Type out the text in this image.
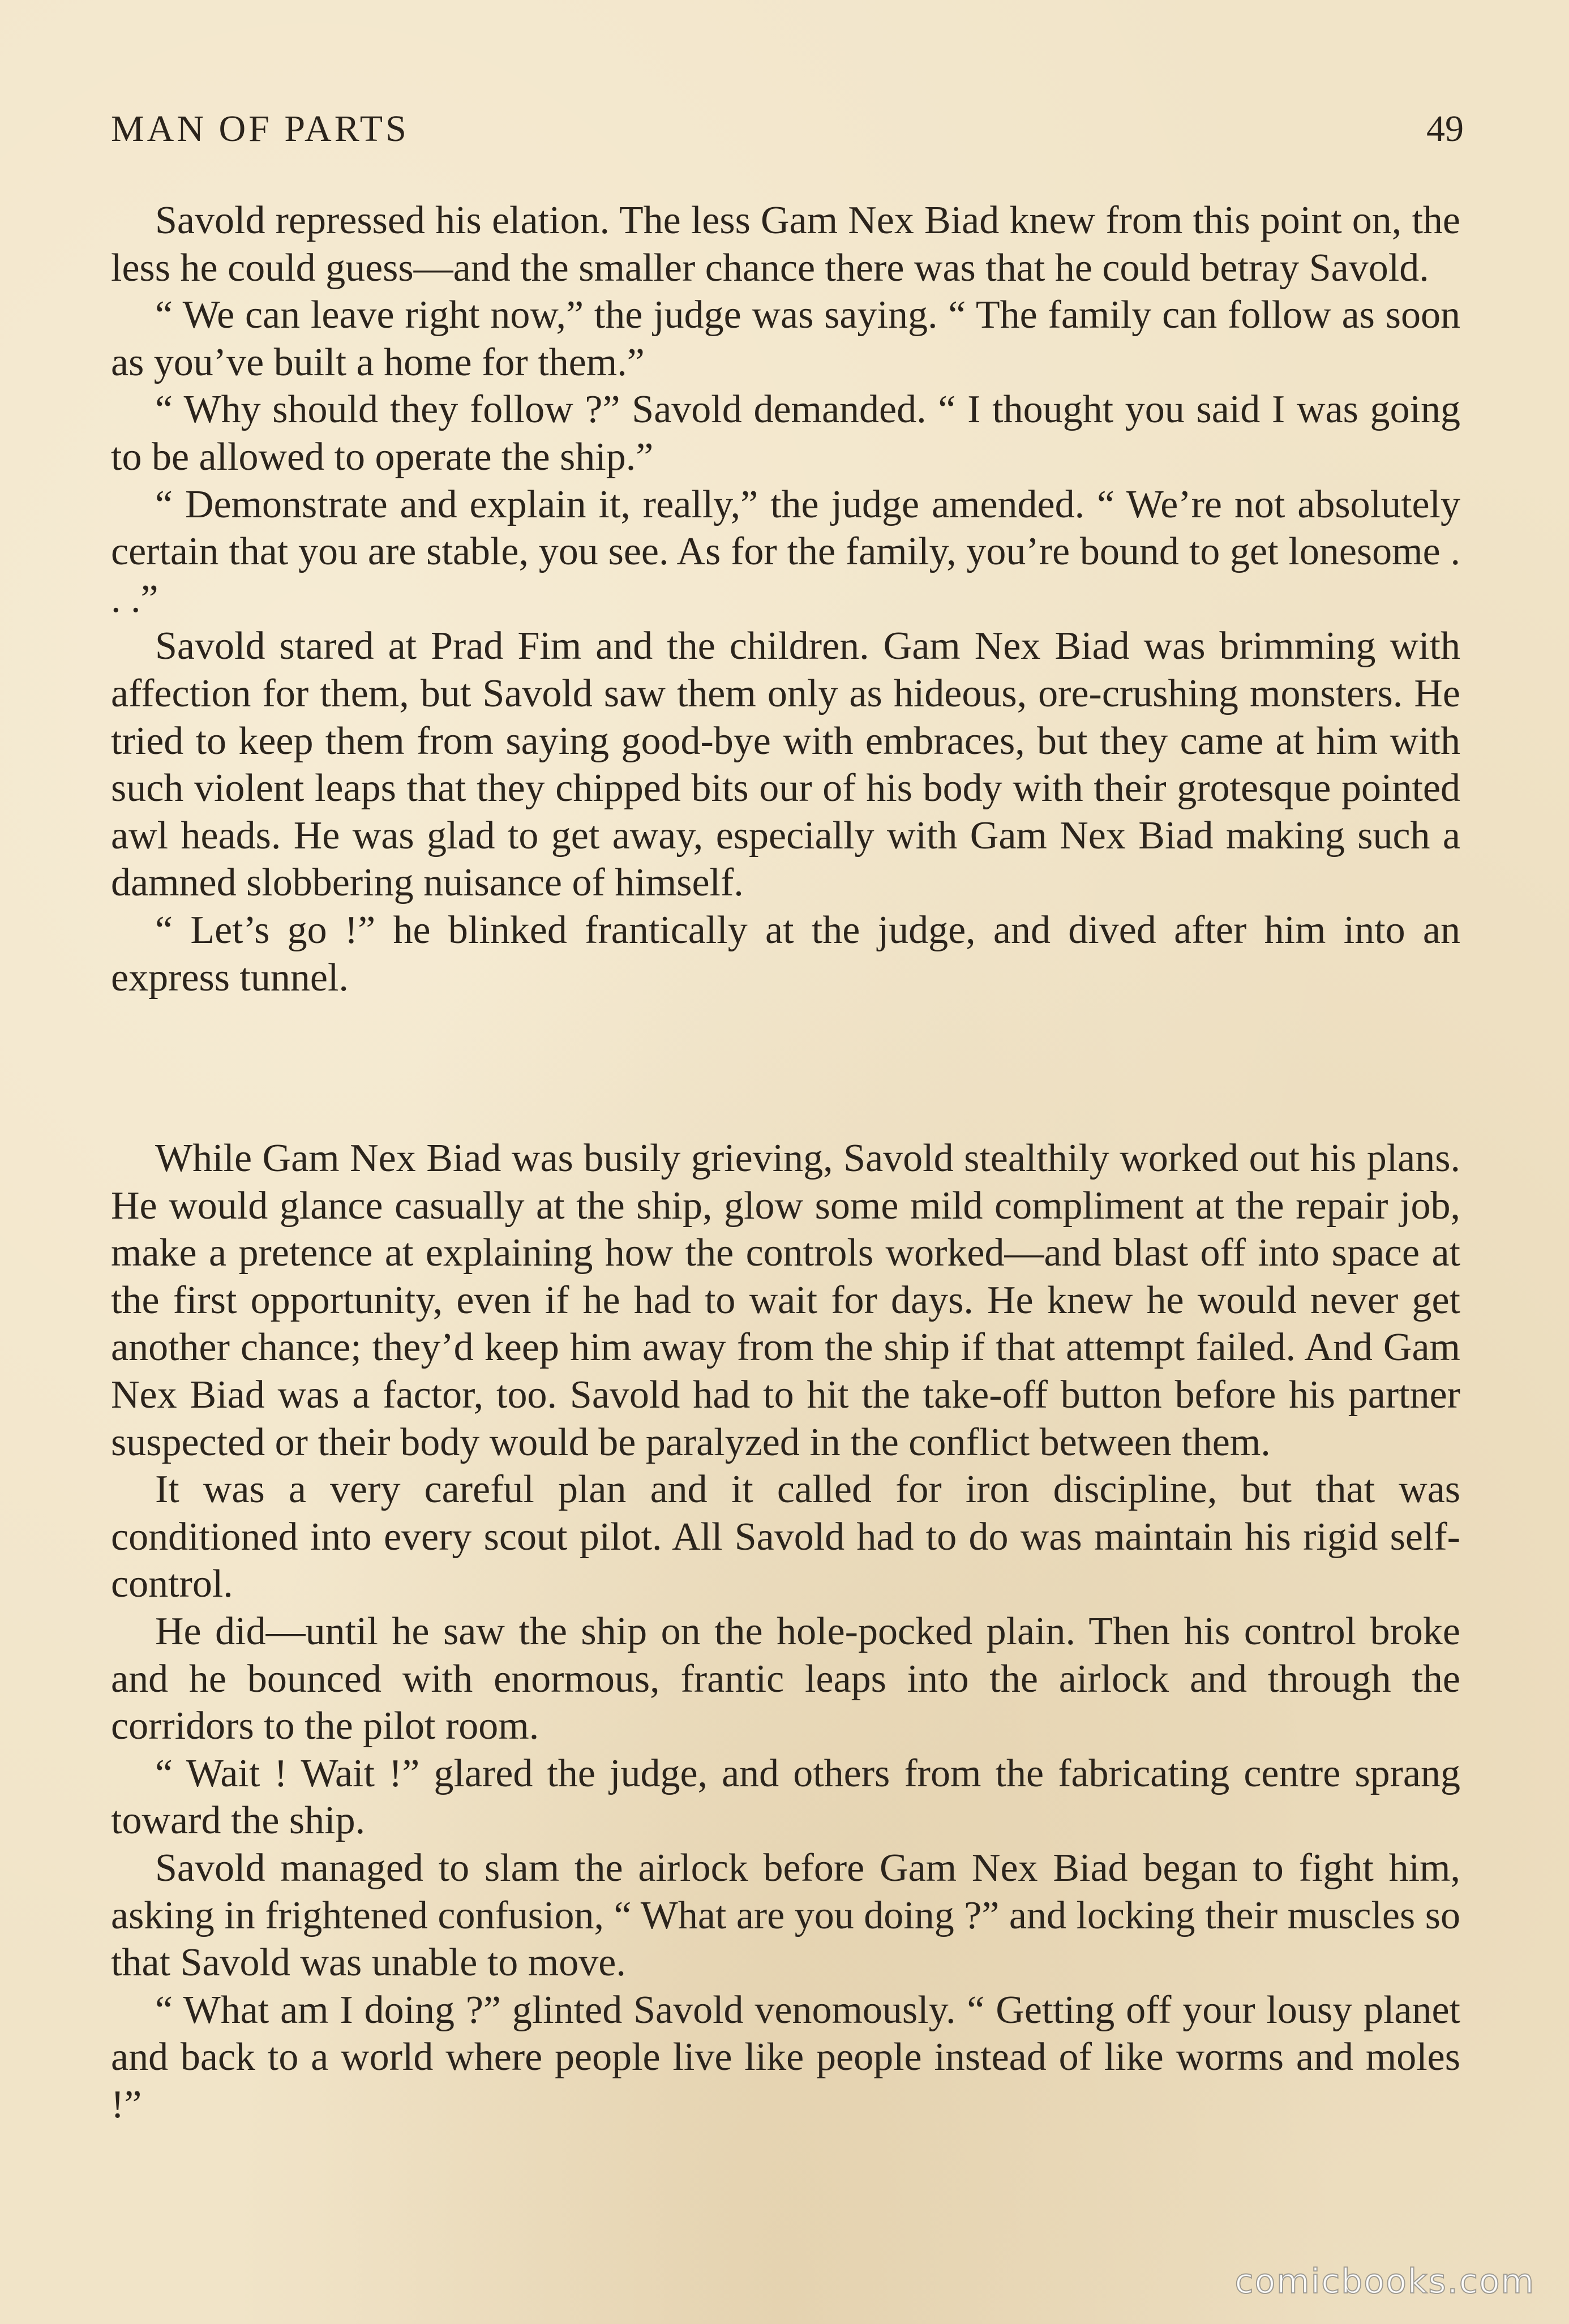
MAN OF PARTS	49

Savold repressed his elation. The less Gam Nex Biad knew from this point on, the less he could guess—and the smaller chance there was that he could betray Savold.

“ We can leave right now,” the judge was saying. “ The family can follow as soon as you’ve built a home for them.”

“ Why should they follow ?” Savold demanded. “ I thought you said I was going to be allowed to operate the ship.”

“ Demonstrate and explain it, really,” the judge amended. “ We’re not absolutely certain that you are stable, you see. As for the family, you’re bound to get lonesome . . .”

Savold stared at Prad Fim and the children. Gam Nex Biad was brimming with affection for them, but Savold saw them only as hideous, ore-crushing monsters. He tried to keep them from saying good-bye with embraces, but they came at him with such violent leaps that they chipped bits our of his body with their grotesque pointed awl heads. He was glad to get away, especially with Gam Nex Biad making such a damned slobbering nuisance of himself.

“ Let’s go !” he blinked frantically at the judge, and dived after him into an express tunnel.

While Gam Nex Biad was busily grieving, Savold stealthily worked out his plans. He would glance casually at the ship, glow some mild compliment at the repair job, make a pretence at explaining how the controls worked—and blast off into space at the first opportunity, even if he had to wait for days. He knew he would never get another chance; they’d keep him away from the ship if that attempt failed. And Gam Nex Biad was a factor, too. Savold had to hit the take-off button before his partner suspected or their body would be paralyzed in the conflict between them.

It was a very careful plan and it called for iron discipline, but that was conditioned into every scout pilot. All Savold had to do was maintain his rigid self-control.

He did—until he saw the ship on the hole-pocked plain. Then his control broke and he bounced with enormous, frantic leaps into the airlock and through the corridors to the pilot room.

“ Wait ! Wait !” glared the judge, and others from the fabricating centre sprang toward the ship.

Savold managed to slam the airlock before Gam Nex Biad began to fight him, asking in frightened confusion, “ What are you doing ?” and locking their muscles so that Savold was unable to move.

“ What am I doing ?” glinted Savold venomously. “ Getting off your lousy planet and back to a world where people live like people instead of like worms and moles !”

comicbooks.com
